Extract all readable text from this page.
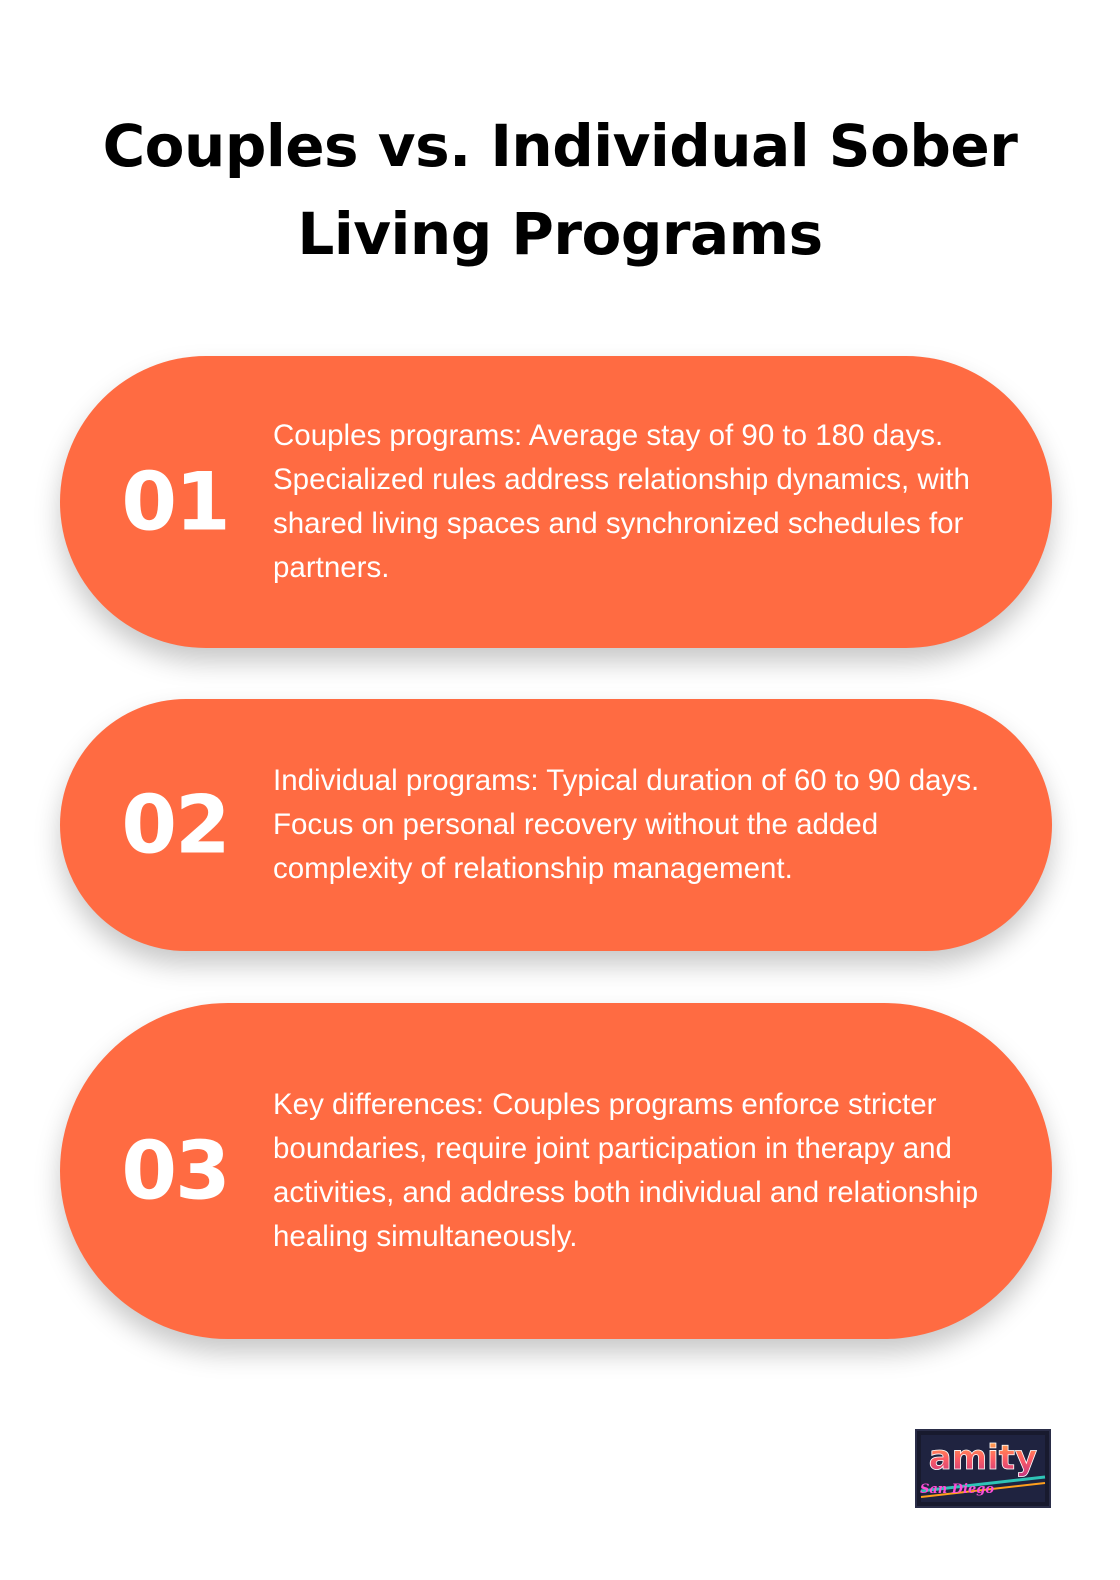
Couples vs. Individual Sober Living Programs
01
Couples programs: Average stay of 90 to 180 days. Specialized rules address relationship dynamics, with shared living spaces and synchronized schedules for partners.
02	Individual programs: Typical duration of 60 to 90 days. Focus on personal recovery without the added complexity of relationship management.
03
Key differences: Couples programs enforce stricter boundaries, require joint participation in therapy and activities, and address both individual and relationship healing simultaneously.
amity
San Diego
